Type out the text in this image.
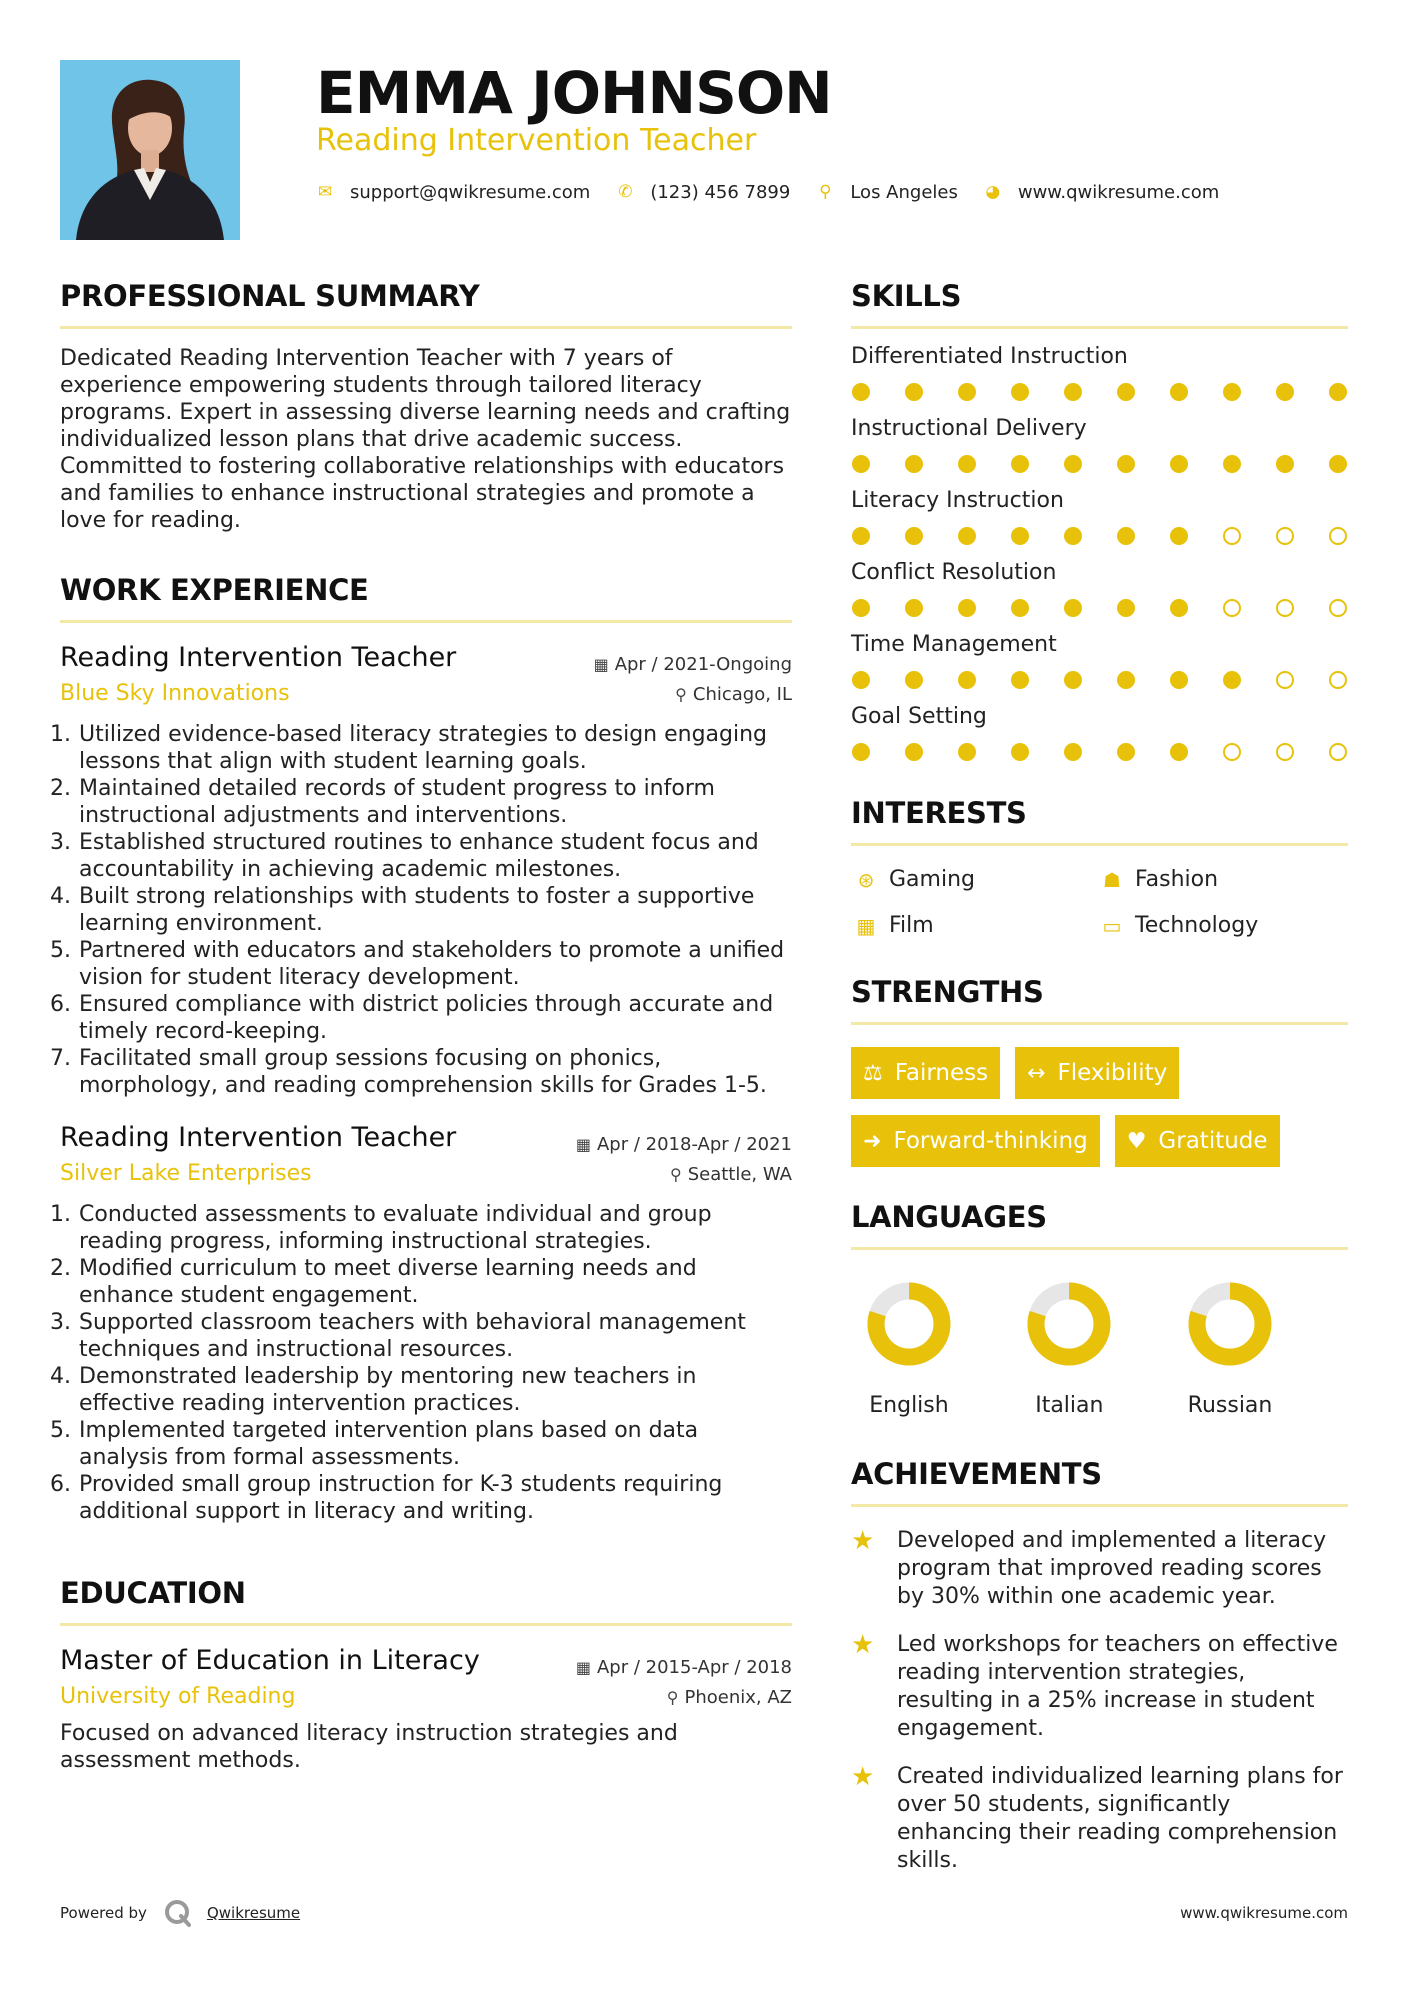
EMMA JOHNSON
Reading Intervention Teacher
✉ support@qwikresume.com ✆ (123) 456 7899 ⚲ Los Angeles ◕ www.qwikresume.com
PROFESSIONAL SUMMARY

Dedicated Reading Intervention Teacher with 7 years of experience empowering students through tailored literacy programs. Expert in assessing diverse learning needs and crafting individualized lesson plans that drive academic success. Committed to fostering collaborative relationships with educators and families to enhance instructional strategies and promote a love for reading.

WORK EXPERIENCE
Reading Intervention Teacher	▦ Apr / 2021-Ongoing
Blue Sky Innovations	⚲ Chicago, IL
1. Utilized evidence-based literacy strategies to design engaging lessons that align with student learning goals.
2. Maintained detailed records of student progress to inform instructional adjustments and interventions.
3. Established structured routines to enhance student focus and accountability in achieving academic milestones.
4. Built strong relationships with students to foster a supportive learning environment.
5. Partnered with educators and stakeholders to promote a unified vision for student literacy development.
6. Ensured compliance with district policies through accurate and timely record-keeping.
7. Facilitated small group sessions focusing on phonics, morphology, and reading comprehension skills for Grades 1-5.
Reading Intervention Teacher	▦ Apr / 2018-Apr / 2021
Silver Lake Enterprises	⚲ Seattle, WA
1. Conducted assessments to evaluate individual and group reading progress, informing instructional strategies.
2. Modified curriculum to meet diverse learning needs and enhance student engagement.
3. Supported classroom teachers with behavioral management techniques and instructional resources.
4. Demonstrated leadership by mentoring new teachers in effective reading intervention practices.
5. Implemented targeted intervention plans based on data analysis from formal assessments.
6. Provided small group instruction for K-3 students requiring additional support in literacy and writing.
EDUCATION
Master of Education in Literacy	▦ Apr / 2015-Apr / 2018
University of Reading	⚲ Phoenix, AZ

Focused on advanced literacy instruction strategies and assessment methods.

SKILLS
Differentiated Instruction
Instructional Delivery
Literacy Instruction
Conflict Resolution
Time Management
Goal Setting
INTERESTS
⊛ Gaming	☗ Fashion
▦ Film	▭ Technology
STRENGTHS
⚖ Fairness ↔ Flexibility
➜ Forward-thinking ♥ Gratitude
LANGUAGES
English	Italian	Russian
ACHIEVEMENTS
★	Developed and implemented a literacy program that improved reading scores by 30% within one academic year.
★	Led workshops for teachers on effective reading intervention strategies, resulting in a 25% increase in student engagement.
★	Created individualized learning plans for over 50 students, significantly enhancing their reading comprehension skills.
Powered by	Qwikresume	www.qwikresume.com
